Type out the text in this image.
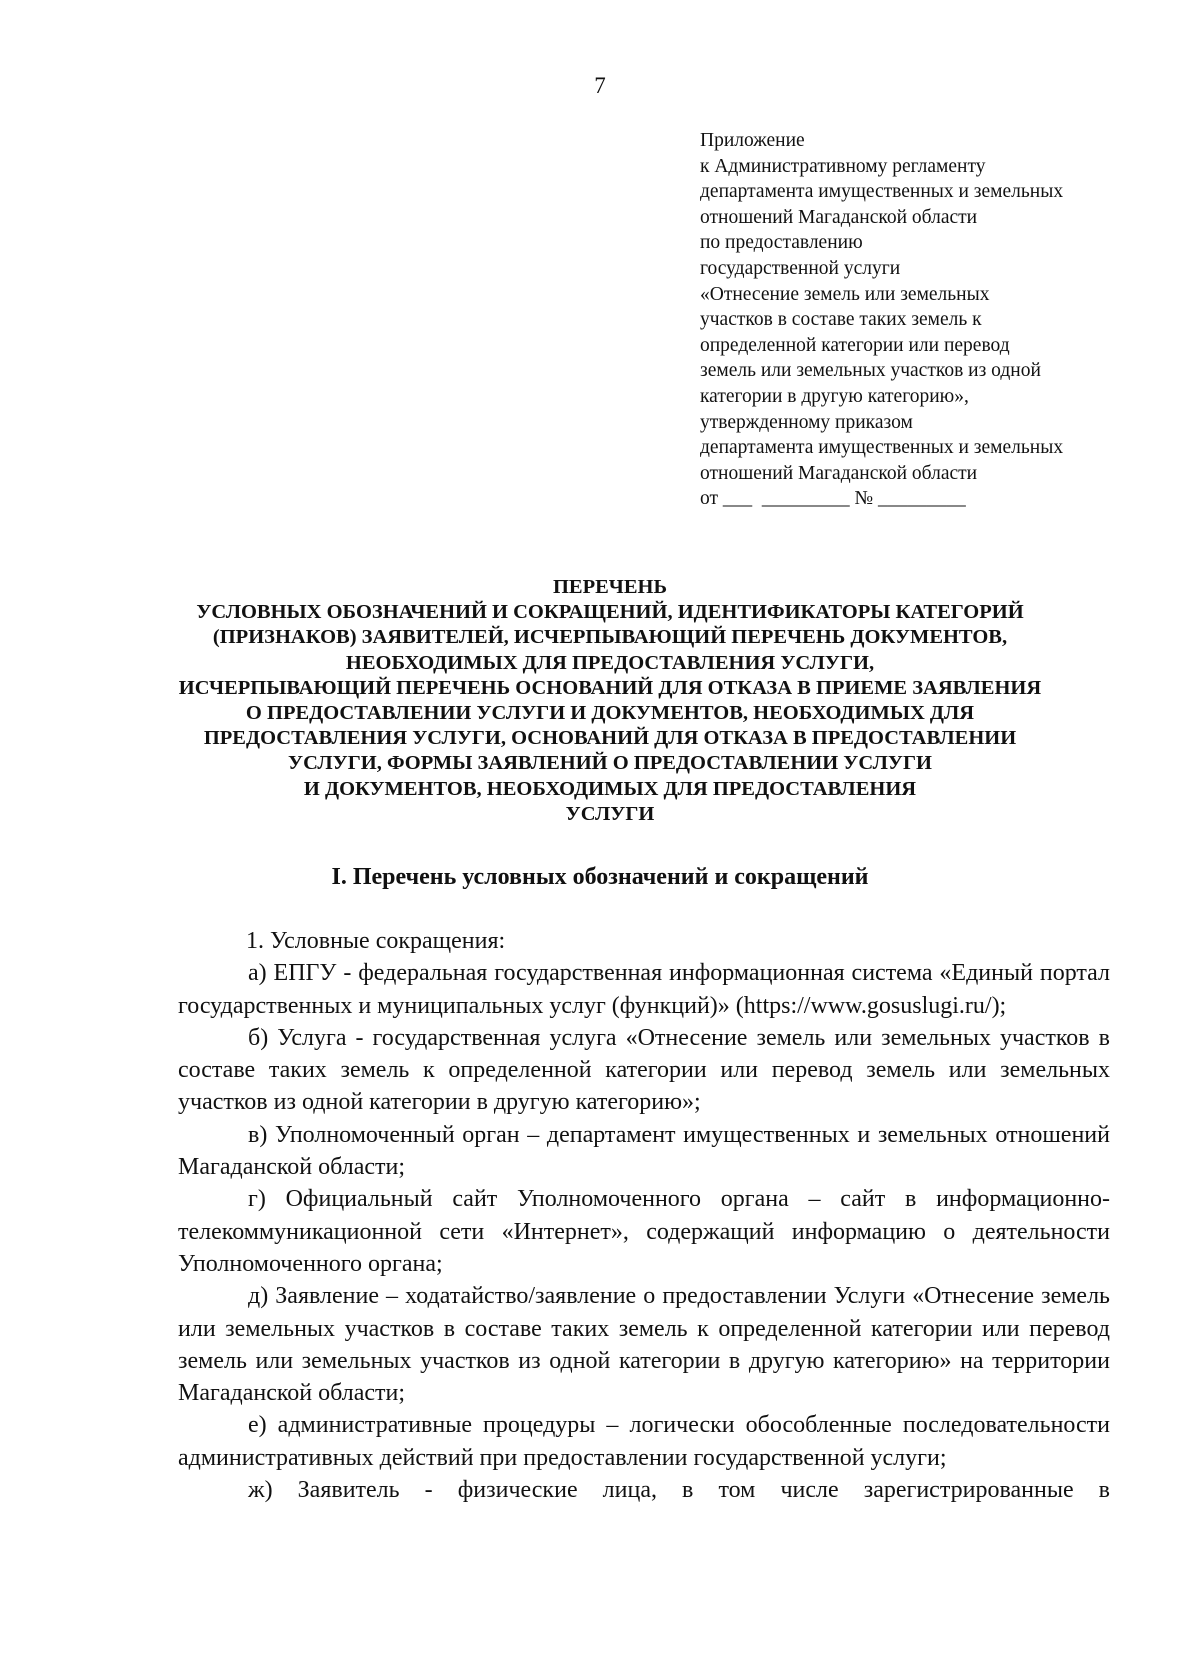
7
Приложение
к Административному регламенту
департамента имущественных и земельных
отношений Магаданской области
по предоставлению
государственной услуги
«Отнесение земель или земельных
участков в составе таких земель к
определенной категории или перевод
земель или земельных участков из одной
категории в другую категорию»,
утвержденному приказом
департамента имущественных и земельных
отношений Магаданской области
от ___  _________ № _________
ПЕРЕЧЕНЬ
УСЛОВНЫХ ОБОЗНАЧЕНИЙ И СОКРАЩЕНИЙ, ИДЕНТИФИКАТОРЫ КАТЕГОРИЙ
(ПРИЗНАКОВ) ЗАЯВИТЕЛЕЙ, ИСЧЕРПЫВАЮЩИЙ ПЕРЕЧЕНЬ ДОКУМЕНТОВ,
НЕОБХОДИМЫХ ДЛЯ ПРЕДОСТАВЛЕНИЯ УСЛУГИ,
ИСЧЕРПЫВАЮЩИЙ ПЕРЕЧЕНЬ ОСНОВАНИЙ ДЛЯ ОТКАЗА В ПРИЕМЕ ЗАЯВЛЕНИЯ
О ПРЕДОСТАВЛЕНИИ УСЛУГИ И ДОКУМЕНТОВ, НЕОБХОДИМЫХ ДЛЯ
ПРЕДОСТАВЛЕНИЯ УСЛУГИ, ОСНОВАНИЙ ДЛЯ ОТКАЗА В ПРЕДОСТАВЛЕНИИ
УСЛУГИ, ФОРМЫ ЗАЯВЛЕНИЙ О ПРЕДОСТАВЛЕНИИ УСЛУГИ
И ДОКУМЕНТОВ, НЕОБХОДИМЫХ ДЛЯ ПРЕДОСТАВЛЕНИЯ
УСЛУГИ
I. Перечень условных обозначений и сокращений

1. Условные сокращения:

а) ЕПГУ - федеральная государственная информационная система «Единый портал государственных и муниципальных услуг (функций)» (https://www.gosuslugi.ru/);

б) Услуга - государственная услуга «Отнесение земель или земельных участков в составе таких земель к определенной категории или перевод земель или земельных участков из одной категории в другую категорию»;

в) Уполномоченный орган – департамент имущественных и земельных отношений Магаданской области;

г) Официальный сайт Уполномоченного органа – сайт в информационно-телекоммуникационной сети «Интернет», содержащий информацию о деятельности Уполномоченного органа;

д) Заявление – ходатайство/заявление о предоставлении Услуги «Отнесение земель или земельных участков в составе таких земель к определенной категории или перевод земель или земельных участков из одной категории в другую категорию» на территории Магаданской области;

е) административные процедуры – логически обособленные последовательности административных действий при предоставлении государственной услуги;

ж) Заявитель - физические лица, в том числе зарегистрированные в
